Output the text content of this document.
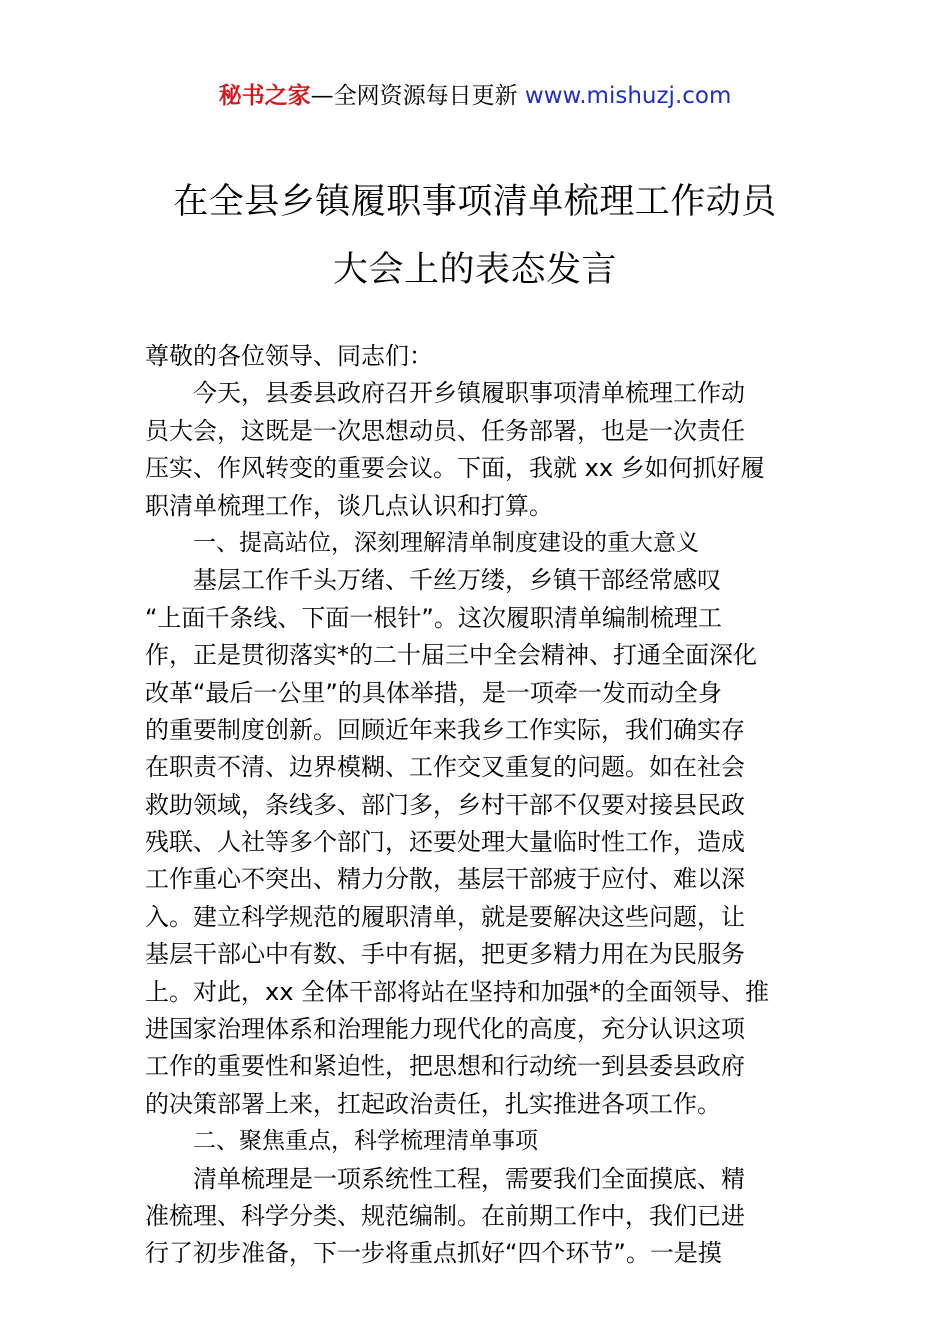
秘书之家—全网资源每日更新 www.mishuzj.com
在全县乡镇履职事项清单梳理工作动员
大会上的表态发言
尊敬的各位领导、同志们：
今天，县委县政府召开乡镇履职事项清单梳理工作动
员大会，这既是一次思想动员、任务部署，也是一次责任
压实、作风转变的重要会议。下面，我就 xx 乡如何抓好履
职清单梳理工作，谈几点认识和打算。
一、提高站位，深刻理解清单制度建设的重大意义
基层工作千头万绪、千丝万缕，乡镇干部经常感叹
“上面千条线、下面一根针”。这次履职清单编制梳理工
作，正是贯彻落实*的二十届三中全会精神、打通全面深化
改革“最后一公里”的具体举措，是一项牵一发而动全身
的重要制度创新。回顾近年来我乡工作实际，我们确实存
在职责不清、边界模糊、工作交叉重复的问题。如在社会
救助领域，条线多、部门多，乡村干部不仅要对接县民政
残联、人社等多个部门，还要处理大量临时性工作，造成
工作重心不突出、精力分散，基层干部疲于应付、难以深
入。建立科学规范的履职清单，就是要解决这些问题，让
基层干部心中有数、手中有据，把更多精力用在为民服务
上。对此，xx 全体干部将站在坚持和加强*的全面领导、推
进国家治理体系和治理能力现代化的高度，充分认识这项
工作的重要性和紧迫性，把思想和行动统一到县委县政府
的决策部署上来，扛起政治责任，扎实推进各项工作。
二、聚焦重点，科学梳理清单事项
清单梳理是一项系统性工程，需要我们全面摸底、精
准梳理、科学分类、规范编制。在前期工作中，我们已进
行了初步准备，下一步将重点抓好“四个环节”。一是摸
